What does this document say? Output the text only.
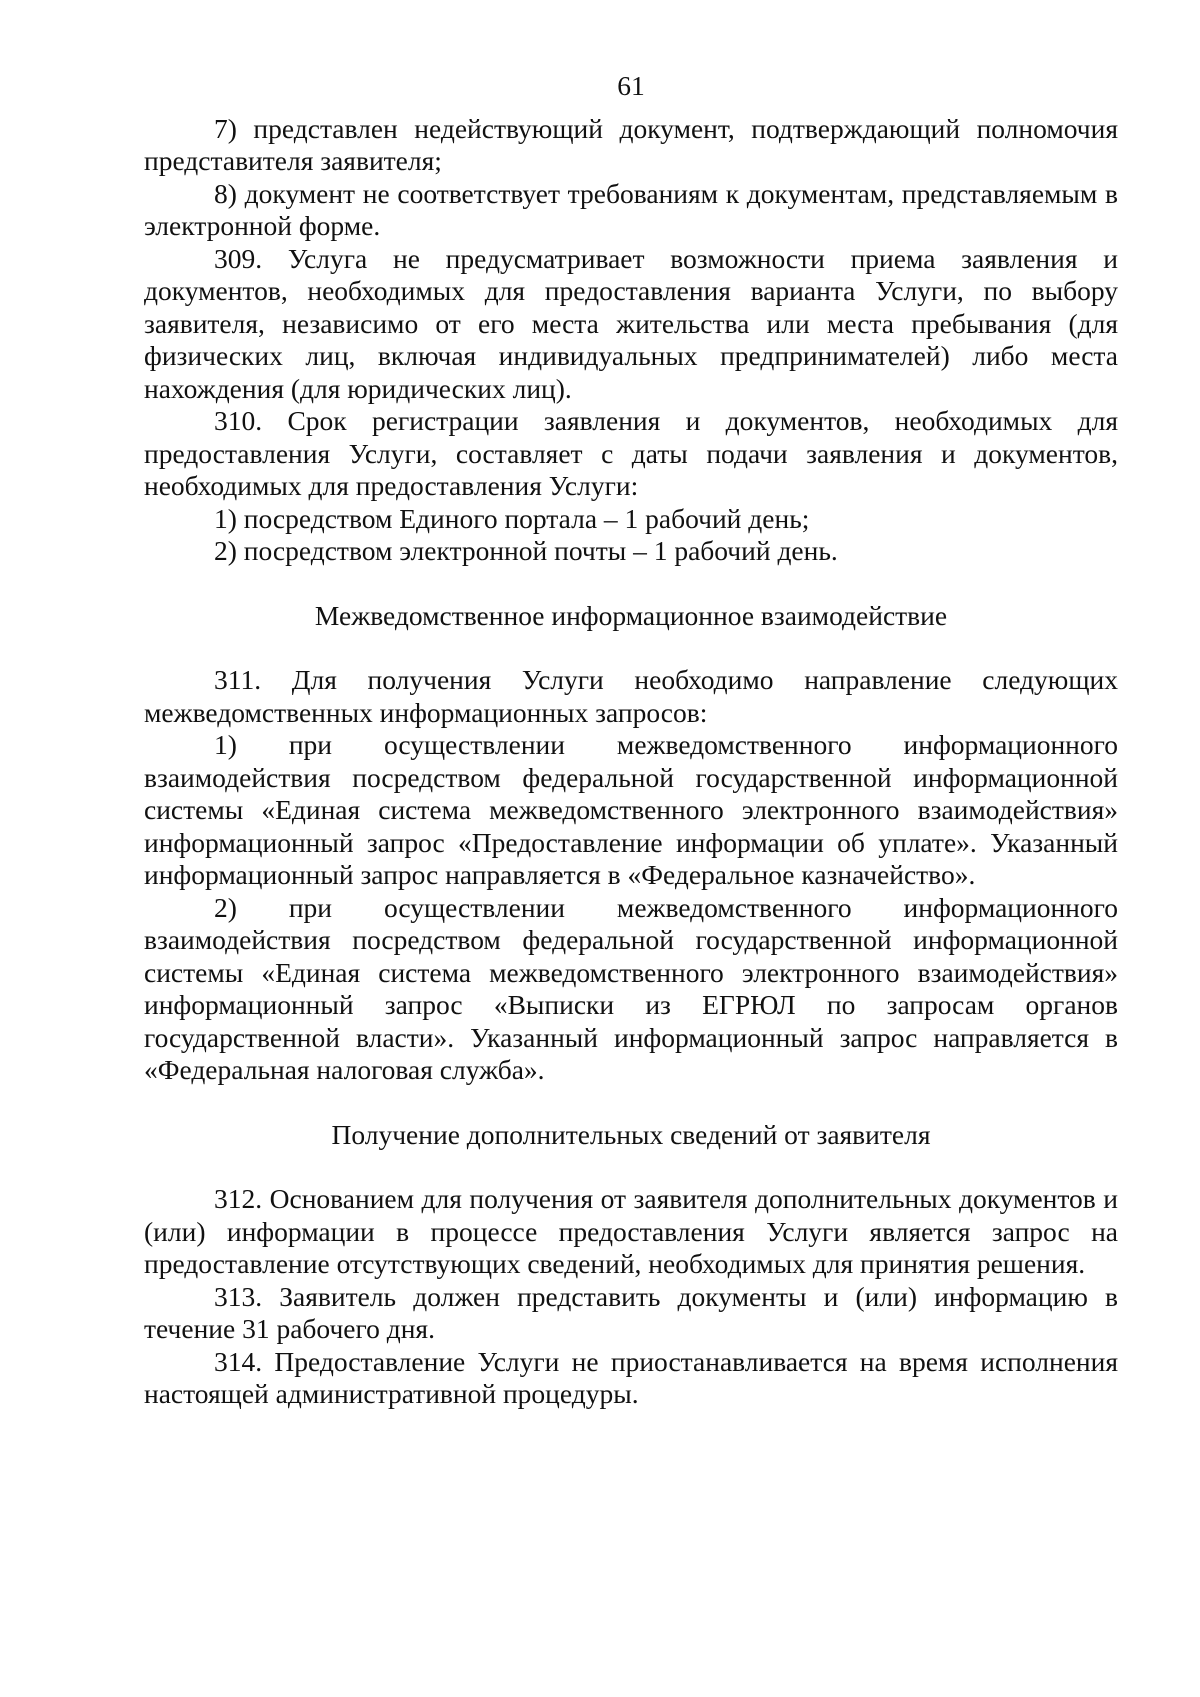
61

7) представлен недействующий документ, подтверждающий полномочия представителя заявителя;

8) документ не соответствует требованиям к документам, представляемым в электронной форме.

309. Услуга не предусматривает возможности приема заявления и документов, необходимых для предоставления варианта Услуги, по выбору заявителя, независимо от его места жительства или места пребывания (для физических лиц, включая индивидуальных предпринимателей) либо места нахождения (для юридических лиц).

310. Срок регистрации заявления и документов, необходимых для предоставления Услуги, составляет с даты подачи заявления и документов, необходимых для предоставления Услуги:

1) посредством Единого портала – 1 рабочий день;

2) посредством электронной почты – 1 рабочий день.

Межведомственное информационное взаимодействие

311. Для получения Услуги необходимо направление следующих межведомственных информационных запросов:

1) при осуществлении межведомственного информационного взаимодействия посредством федеральной государственной информационной системы «Единая система межведомственного электронного взаимодействия» информационный запрос «Предоставление информации об уплате». Указанный информационный запрос направляется в «Федеральное казначейство».

2) при осуществлении межведомственного информационного взаимодействия посредством федеральной государственной информационной системы «Единая система межведомственного электронного взаимодействия» информационный запрос «Выписки из ЕГРЮЛ по запросам органов государственной власти». Указанный информационный запрос направляется в «Федеральная налоговая служба».

Получение дополнительных сведений от заявителя

312. Основанием для получения от заявителя дополнительных документов и (или) информации в процессе предоставления Услуги является запрос на предоставление отсутствующих сведений, необходимых для принятия решения.

313. Заявитель должен представить документы и (или) информацию в течение 31 рабочего дня.

314. Предоставление Услуги не приостанавливается на время исполнения настоящей административной процедуры.
